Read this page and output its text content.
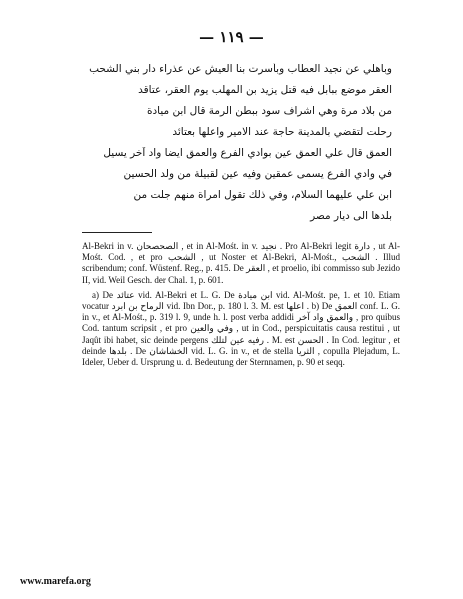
— ١١٩ —
وباهلي عن نجيد العطاب وبأسرت بنا العيش عن عذراء دار بني الشحب
العقر موضع ببابل فيه قتل يزيد بن المهلب يوم العقر، عتاقد
من بلاد مرة وهي اشراف سود ببطن الرمة قال ابن ميادة
رحلت لتقضي بالمدينة حاجة عند الامير واعلها بعتائد
العمق قال علي العمق عين بوادي الفرع والعمق ايضا واد آخر يسيل
في وادي الفرع يسمى عمقين وفيه عين لقبيلة من ولد الحسين
ابن علي عليهما السلام، وفي ذلك تقول امراة منهم جلت من
بلدها الى ديار مصر

Al-Bekri in v. الصحصحان , et in Al-Mośt. in v. نجيد . Pro Al-Bekri legit دارة , ut Al-Mośt. Cod. , et pro الشحب , ut Noster et Al-Bekri, Al-Mośt., الشحب . Illud scribendum; conf. Wüstenf. Reg., p. 415. De العقر , et proelio, ibi commisso sub Jezido II, vid. Weil Gesch. der Chal. 1, p. 601.

a) De عتائد vid. Al-Bekri et L. G. De ابن ميادة vid. Al-Mośt. pe, 1. et 10. Etiam vocatur الرماح بن ابرد vid. Ibn Dor., p. 180 l. 3. M. est اعلها . b) De العمق conf. L. G. in v., et Al-Mośt., p. 319 l. 9, unde h. l. post verba addidi والعمق واد آخر , pro quibus Cod. tantum scripsit , et pro وفي والعين , ut in Cod., perspicuitatis causa restitui , ut Jaqût ibi habet, sic deinde pergens رفيه عين لتلك . M. est الحسن . In Cod. legitur , et deinde بلدها . De الخشاشان vid. L. G. in v., et de stella الثريا , copulla Plejadum, L. Ideler, Ueber d. Ursprung u. d. Bedeutung der Sternnamen, p. 90 et seqq.

www.marefa.org
